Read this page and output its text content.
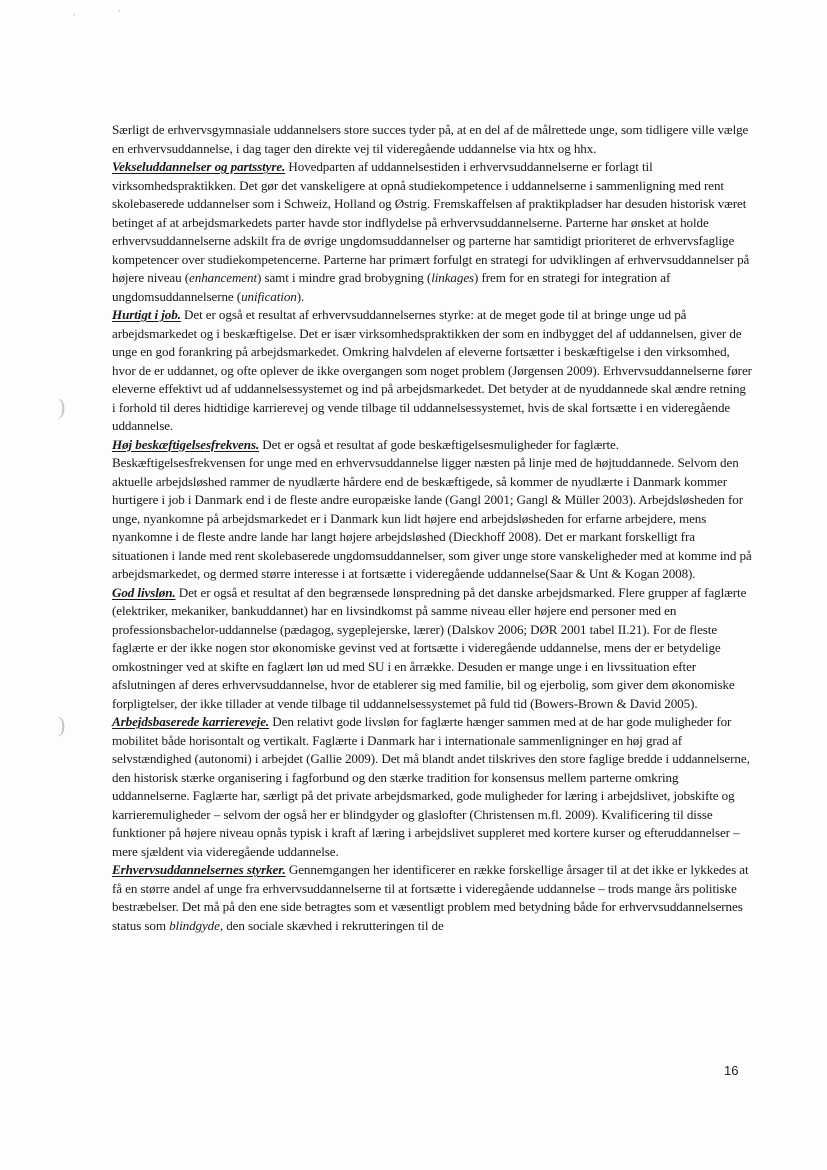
·	·
)
)

Særligt de erhvervsgymnasiale uddannelsers store succes tyder på, at en del af de målrettede unge, som tidligere ville vælge en erhvervsuddannelse, i dag tager den direkte vej til videregående uddannelse via htx og hhx.

Vekseluddannelser og partsstyre. Hovedparten af uddannelsestiden i erhvervsuddannelserne er forlagt til virksomhedspraktikken. Det gør det vanskeligere at opnå studiekompetence i uddannelserne i sammenligning med rent skolebaserede uddannelser som i Schweiz, Holland og Østrig. Fremskaffelsen af praktikpladser har desuden historisk været betinget af at arbejdsmarkedets parter havde stor indflydelse på erhvervsuddannelserne. Parterne har ønsket at holde erhvervsuddannelserne adskilt fra de øvrige ungdomsuddannelser og parterne har samtidigt prioriteret de erhvervsfaglige kompetencer over studiekompetencerne. Parterne har primært forfulgt en strategi for udviklingen af erhvervsuddannelser på højere niveau (enhancement) samt i mindre grad brobygning (linkages) frem for en strategi for integration af ungdomsuddannelserne (unification).

Hurtigt i job. Det er også et resultat af erhvervsuddannelsernes styrke: at de meget gode til at bringe unge ud på arbejdsmarkedet og i beskæftigelse. Det er især virksomhedspraktikken der som en indbygget del af uddannelsen, giver de unge en god forankring på arbejdsmarkedet. Omkring halvdelen af eleverne fortsætter i beskæftigelse i den virksomhed, hvor de er uddannet, og ofte oplever de ikke overgangen som noget problem (Jørgensen 2009). Erhvervsuddannelserne fører eleverne effektivt ud af uddannelsessystemet og ind på arbejdsmarkedet. Det betyder at de nyuddannede skal ændre retning i forhold til deres hidtidige karrierevej og vende tilbage til uddannelsessystemet, hvis de skal fortsætte i en videregående uddannelse.

Høj beskæftigelsesfrekvens. Det er også et resultat af gode beskæftigelsesmuligheder for faglærte. Beskæftigelsesfrekvensen for unge med en erhvervsuddannelse ligger næsten på linje med de højtuddannede. Selvom den aktuelle arbejdsløshed rammer de nyudlærte hårdere end de beskæftigede, så kommer de nyudlærte i Danmark kommer hurtigere i job i Danmark end i de fleste andre europæiske lande (Gangl 2001; Gangl & Müller 2003). Arbejdsløsheden for unge, nyankomne på arbejdsmarkedet er i Danmark kun lidt højere end arbejdsløsheden for erfarne arbejdere, mens nyankomne i de fleste andre lande har langt højere arbejdsløshed (Dieckhoff 2008). Det er markant forskelligt fra situationen i lande med rent skolebaserede ungdomsuddannelser, som giver unge store vanskeligheder med at komme ind på arbejdsmarkedet, og dermed større interesse i at fortsætte i videregående uddannelse(Saar & Unt & Kogan 2008).

God livsløn. Det er også et resultat af den begrænsede lønspredning på det danske arbejdsmarked. Flere grupper af faglærte (elektriker, mekaniker, bankuddannet) har en livsindkomst på samme niveau eller højere end personer med en professionsbachelor-uddannelse (pædagog, sygeplejerske, lærer) (Dalskov 2006; DØR 2001 tabel II.21). For de fleste faglærte er der ikke nogen stor økonomiske gevinst ved at fortsætte i videregående uddannelse, mens der er betydelige omkostninger ved at skifte en faglært løn ud med SU i en årrække. Desuden er mange unge i en livssituation efter afslutningen af deres erhvervsuddannelse, hvor de etablerer sig med familie, bil og ejerbolig, som giver dem økonomiske forpligtelser, der ikke tillader at vende tilbage til uddannelsessystemet på fuld tid (Bowers-Brown & David 2005).

Arbejdsbaserede karriereveje. Den relativt gode livsløn for faglærte hænger sammen med at de har gode muligheder for mobilitet både horisontalt og vertikalt. Faglærte i Danmark har i internationale sammenligninger en høj grad af selvstændighed (autonomi) i arbejdet (Gallie 2009). Det må blandt andet tilskrives den store faglige bredde i uddannelserne, den historisk stærke organisering i fagforbund og den stærke tradition for konsensus mellem parterne omkring uddannelserne. Faglærte har, særligt på det private arbejdsmarked, gode muligheder for læring i arbejdslivet, jobskifte og karrieremuligheder – selvom der også her er blindgyder og glaslofter (Christensen m.fl. 2009). Kvalificering til disse funktioner på højere niveau opnås typisk i kraft af læring i arbejdslivet suppleret med kortere kurser og efteruddannelser – mere sjældent via videregående uddannelse.

Erhvervsuddannelsernes styrker. Gennemgangen her identificerer en række forskellige årsager til at det ikke er lykkedes at få en større andel af unge fra erhvervsuddannelserne til at fortsætte i videregående uddannelse – trods mange års politiske bestræbelser. Det må på den ene side betragtes som et væsentligt problem med betydning både for erhvervsuddannelsernes status som blindgyde, den sociale skævhed i rekrutteringen til de

16
